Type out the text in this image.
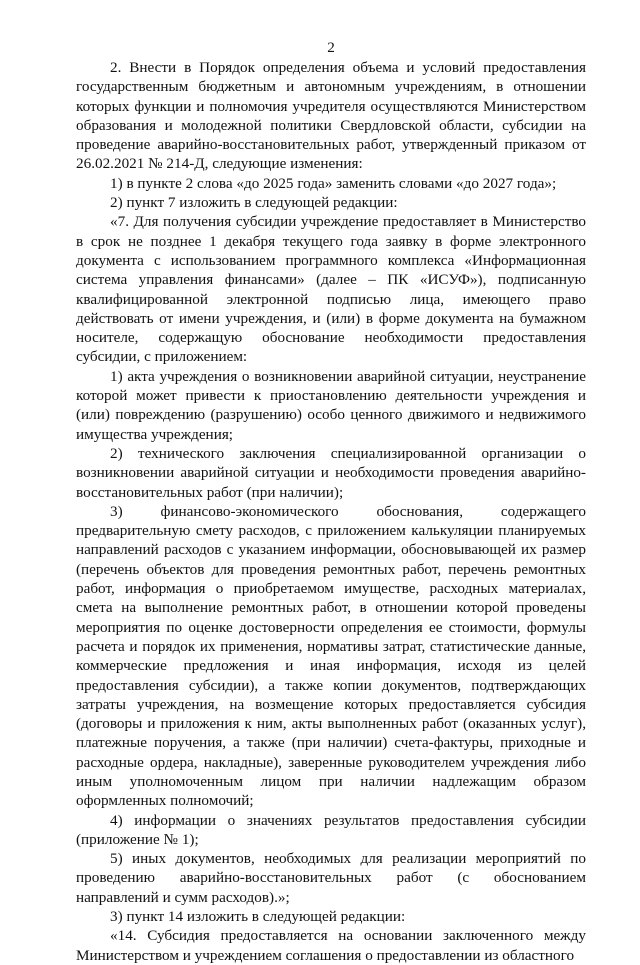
2

2. Внести в Порядок определения объема и условий предоставления государственным бюджетным и автономным учреждениям, в отношении которых функции и полномочия учредителя осуществляются Министерством образования и молодежной политики Свердловской области, субсидии на проведение аварийно-восстановительных работ, утвержденный приказом от 26.02.2021 № 214-Д, следующие изменения:

1) в пункте 2 слова «до 2025 года» заменить словами «до 2027 года»;

2) пункт 7 изложить в следующей редакции:

«7. Для получения субсидии учреждение предоставляет в Министерство в срок не позднее 1 декабря текущего года заявку в форме электронного документа с использованием программного комплекса «Информационная система управления финансами» (далее – ПК «ИСУФ»), подписанную квалифицированной электронной подписью лица, имеющего право действовать от имени учреждения, и (или) в форме документа на бумажном носителе, содержащую обоснование необходимости предоставления субсидии, с приложением:

1) акта учреждения о возникновении аварийной ситуации, неустранение которой может привести к приостановлению деятельности учреждения и (или) повреждению (разрушению) особо ценного движимого и недвижимого имущества учреждения;

2) технического заключения специализированной организации о возникновении аварийной ситуации и необходимости проведения аварийно-восстановительных работ (при наличии);

3) финансово-экономического обоснования, содержащего предварительную смету расходов, с приложением калькуляции планируемых направлений расходов с указанием информации, обосновывающей их размер (перечень объектов для проведения ремонтных работ, перечень ремонтных работ, информация о приобретаемом имуществе, расходных материалах, смета на выполнение ремонтных работ, в отношении которой проведены мероприятия по оценке достоверности определения ее стоимости, формулы расчета и порядок их применения, нормативы затрат, статистические данные, коммерческие предложения и иная информация, исходя из целей предоставления субсидии), а также копии документов, подтверждающих затраты учреждения, на возмещение которых предоставляется субсидия (договоры и приложения к ним, акты выполненных работ (оказанных услуг), платежные поручения, а также (при наличии) счета-фактуры, приходные и расходные ордера, накладные), заверенные руководителем учреждения либо иным уполномоченным лицом при наличии надлежащим образом оформленных полномочий;

4) информации о значениях результатов предоставления субсидии (приложение № 1);

5) иных документов, необходимых для реализации мероприятий по проведению аварийно-восстановительных работ (с обоснованием направлений и сумм расходов).»;

3) пункт 14 изложить в следующей редакции:

«14. Субсидия предоставляется на основании заключенного между Министерством и учреждением соглашения о предоставлении из областного
